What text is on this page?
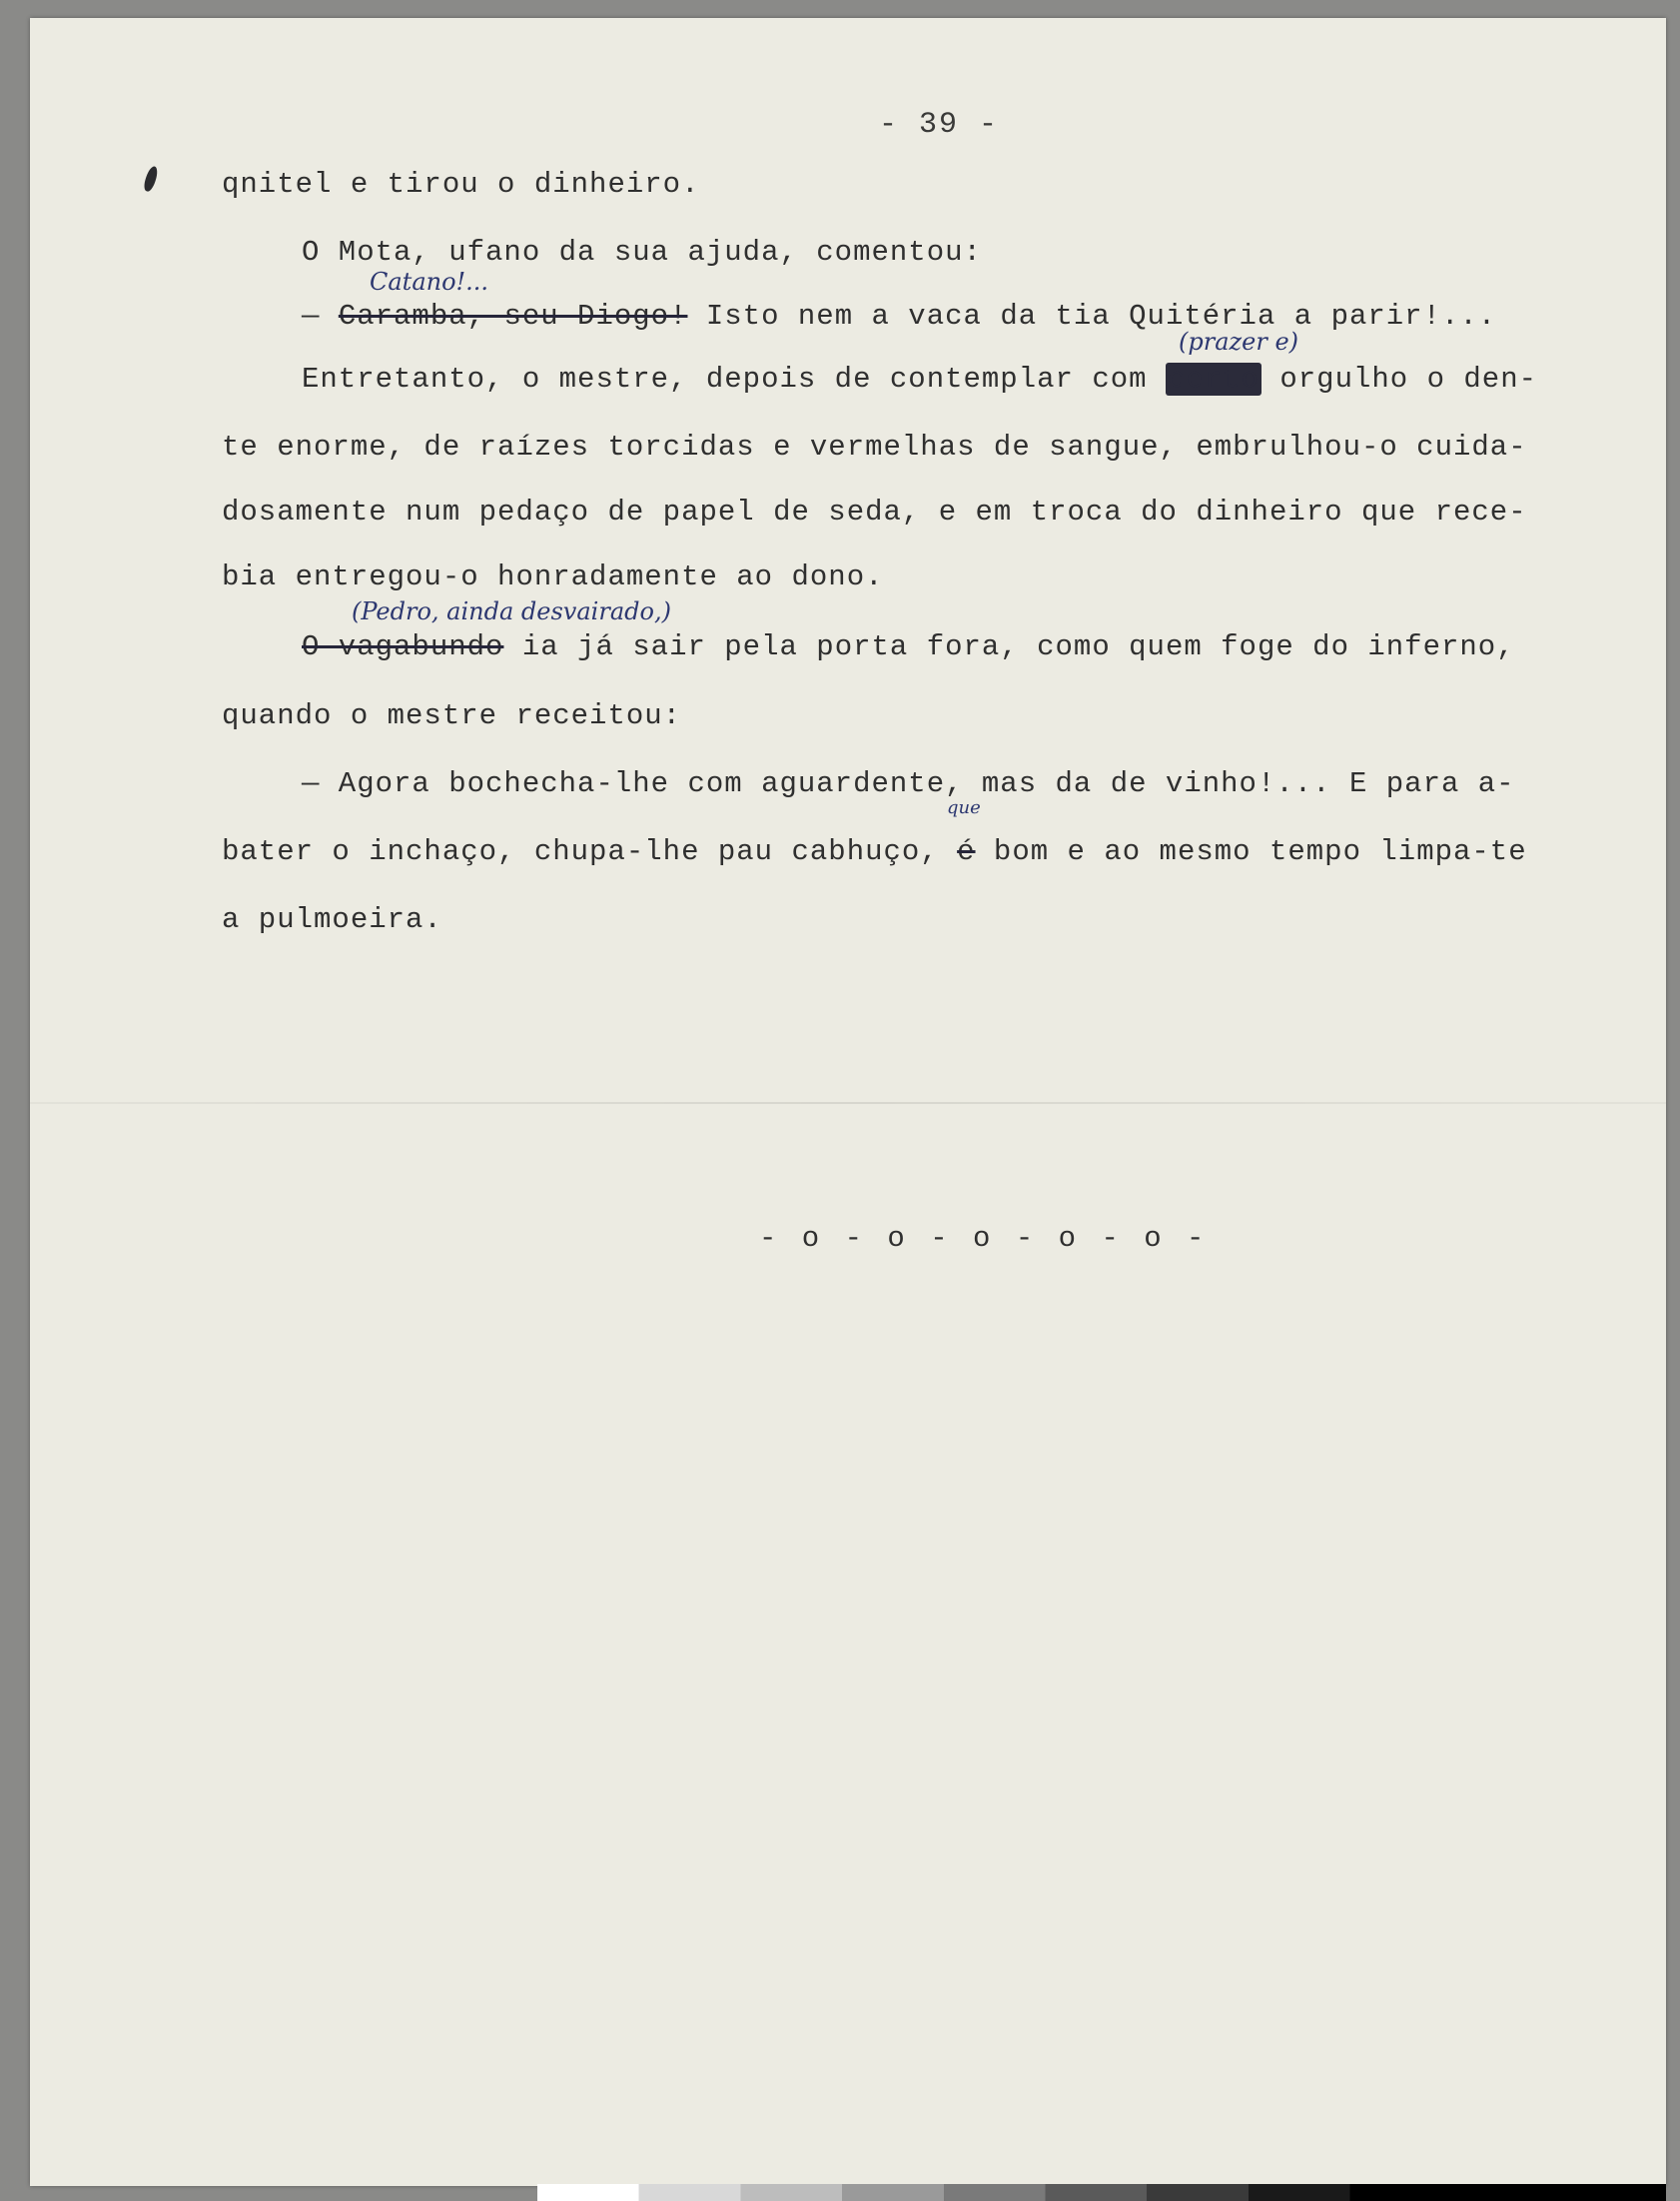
- 39 -
qnitel e tirou o dinheiro.
O Mota, ufano da sua ajuda, comentou:
Catano!...
— Caramba, seu Diogo! Isto nem a vaca da tia Quitéria a parir!...
(prazer e)
Entretanto, o mestre, depois de contemplar com certo orgulho o den-
te enorme, de raízes torcidas e vermelhas de sangue, embrulhou-o cuida-
dosamente num pedaço de papel de seda, e em troca do dinheiro que rece-
bia entregou-o honradamente ao dono.
(Pedro, ainda desvairado,)
O vagabundo ia já sair pela porta fora, como quem foge do inferno,
quando o mestre receitou:
— Agora bochecha-lhe com aguardente, mas da de vinho!... E para a-
que
bater o inchaço, chupa-lhe pau cabhuço, é bom e ao mesmo tempo limpa-te
a pulmoeira.
- o - o - o - o - o -
